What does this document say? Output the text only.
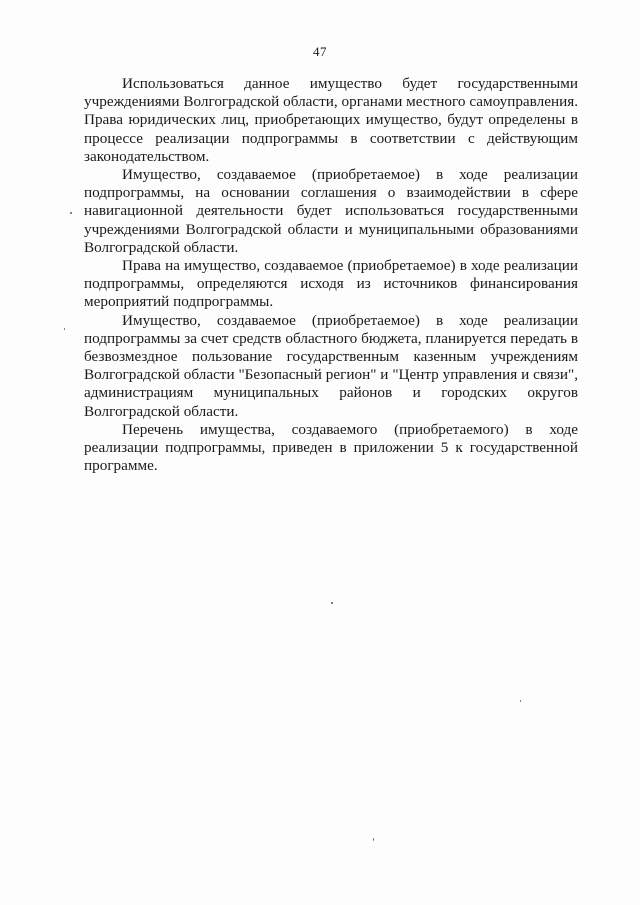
47

Использоваться данное имущество будет государственными учреждениями Волгоградской области, органами местного самоуправления. Права юридических лиц, приобретающих имущество, будут определены в процессе реализации подпрограммы в соответствии с действующим законодательством.

Имущество, создаваемое (приобретаемое) в ходе реализации подпрограммы, на основании соглашения о взаимодействии в сфере навигационной деятельности будет использоваться государственными учреждениями Волгоградской области и муниципальными образованиями Волгоградской области.

Права на имущество, создаваемое (приобретаемое) в ходе реализации подпрограммы, определяются исходя из источников финансирования мероприятий подпрограммы.

Имущество, создаваемое (приобретаемое) в ходе реализации подпрограммы за счет средств областного бюджета, планируется передать в безвозмездное пользование государственным казенным учреждениям Волгоградской области "Безопасный регион" и "Центр управления и связи", администрациям муниципальных районов и городских округов Волгоградской области.

Перечень имущества, создаваемого (приобретаемого) в ходе реализации подпрограммы, приведен в приложении 5 к государственной программе.
